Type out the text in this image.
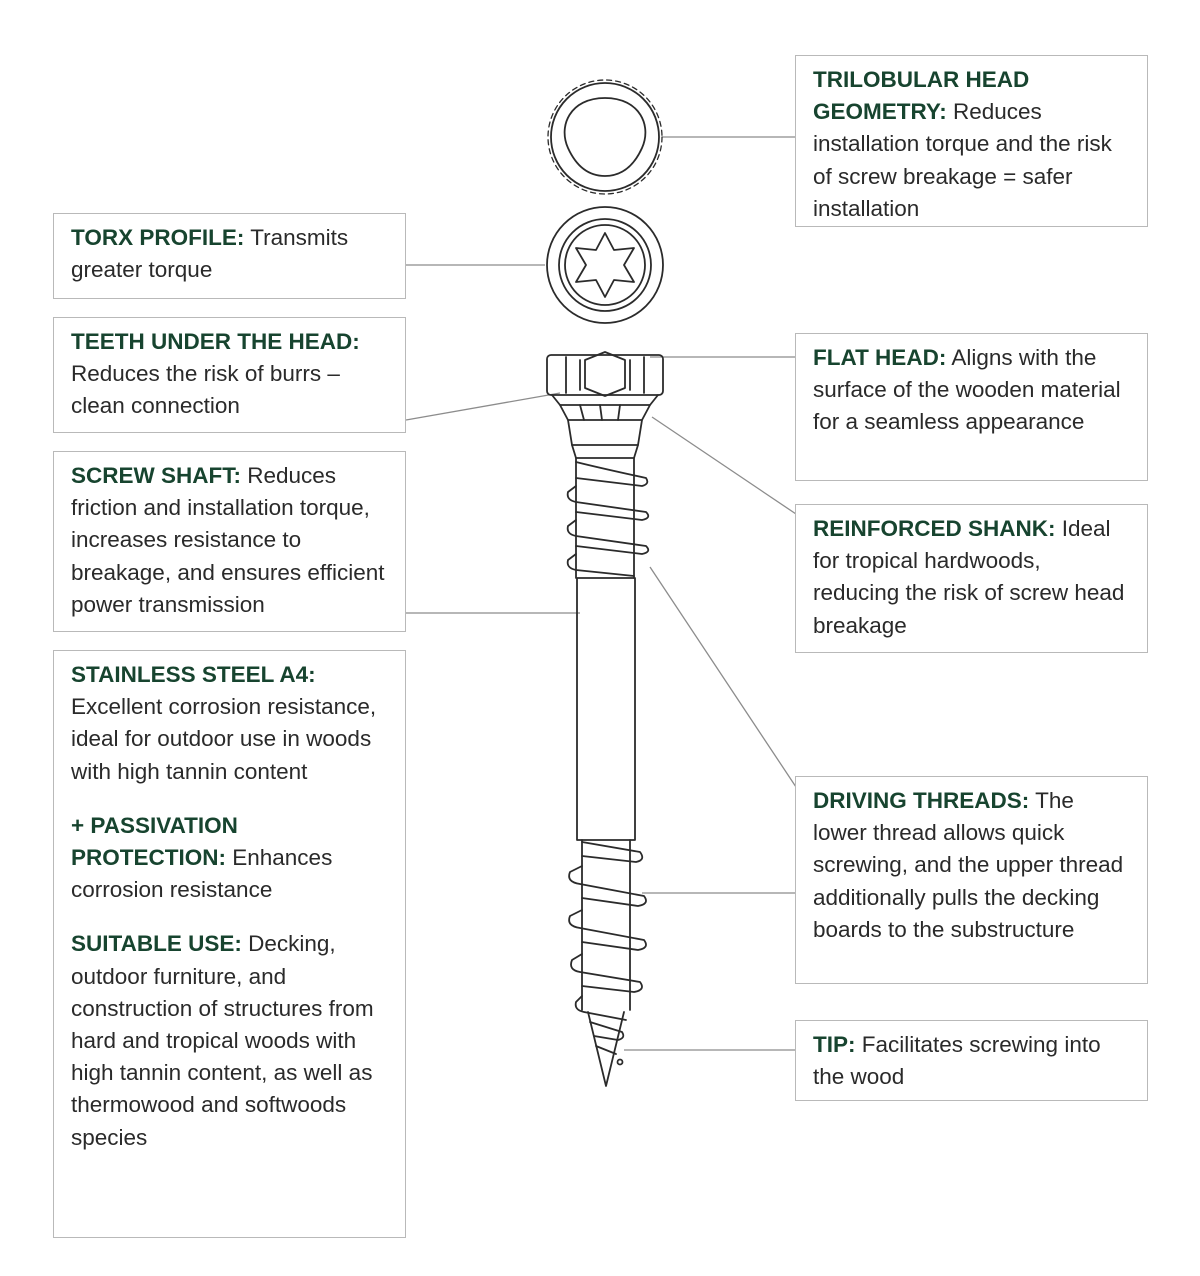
TRILOBULAR HEAD GEOMETRY: Reduces installation torque and the risk of screw breakage = safer installation

TORX PROFILE: Transmits greater torque

TEETH UNDER THE HEAD:  Reduces the risk of burrs – clean connection

FLAT HEAD: Aligns with the surface of the wooden material for a seamless appearance

SCREW SHAFT: Reduces friction and installation torque, increases resistance to breakage, and ensures efficient power transmission

REINFORCED SHANK: Ideal for tropical hardwoods, reducing the risk of screw head breakage

STAINLESS STEEL A4: Excellent corrosion resistance, ideal for outdoor use in woods with high tannin content

+ PASSIVATION PROTECTION: Enhances corrosion resistance

SUITABLE USE: Decking, outdoor furniture, and construction of structures from hard and tropical woods with high tannin content, as well as thermowood and softwoods species

DRIVING THREADS: The lower thread allows quick screwing, and the upper thread additionally pulls the decking boards to the substructure

TIP: Facilitates screwing into the wood
